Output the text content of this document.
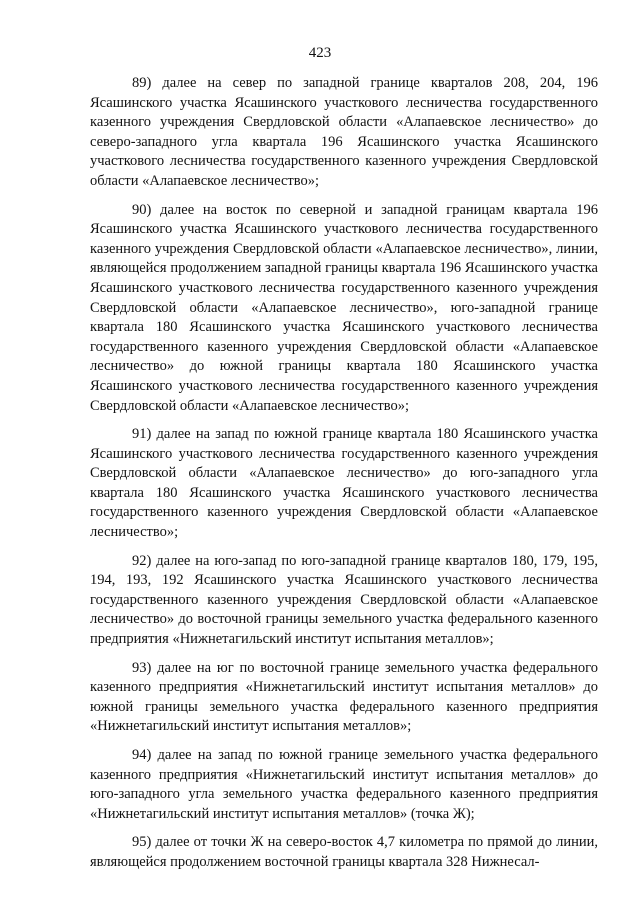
423

89) далее на север по западной границе кварталов 208, 204, 196 Ясашинского участка Ясашинского участкового лесничества государственного казенного учреждения Свердловской области «Алапаевское лесничество» до северо-западного угла квартала 196 Ясашинского участка Ясашинского участкового лесничества государственного казенного учреждения Свердловской области «Алапаевское лесничество»;

90) далее на восток по северной и западной границам квартала 196 Ясашинского участка Ясашинского участкового лесничества государственного казенного учреждения Свердловской области «Алапаевское лесничество», линии, являющейся продолжением западной границы квартала 196 Ясашинского участка Ясашинского участкового лесничества государственного казенного учреждения Свердловской области «Алапаевское лесничество», юго-западной границе квартала 180 Ясашинского участка Ясашинского участкового лесничества государственного казенного учреждения Свердловской области «Алапаевское лесничество» до южной границы квартала 180 Ясашинского участка Ясашинского участкового лесничества государственного казенного учреждения Свердловской области «Алапаевское лесничество»;

91) далее на запад по южной границе квартала 180 Ясашинского участка Ясашинского участкового лесничества государственного казенного учреждения Свердловской области «Алапаевское лесничество» до юго-западного угла квартала 180 Ясашинского участка Ясашинского участкового лесничества государственного казенного учреждения Свердловской области «Алапаевское лесничество»;

92) далее на юго-запад по юго-западной границе кварталов 180, 179, 195, 194, 193, 192 Ясашинского участка Ясашинского участкового лесничества государственного казенного учреждения Свердловской области «Алапаевское лесничество» до восточной границы земельного участка федерального казенного предприятия «Нижнетагильский институт испытания металлов»;

93) далее на юг по восточной границе земельного участка федерального казенного предприятия «Нижнетагильский институт испытания металлов» до южной границы земельного участка федерального казенного предприятия «Нижнетагильский институт испытания металлов»;

94) далее на запад по южной границе земельного участка федерального казенного предприятия «Нижнетагильский институт испытания металлов» до юго-западного угла земельного участка федерального казенного предприятия «Нижнетагильский институт испытания металлов» (точка Ж);

95) далее от точки Ж на северо-восток 4,7 километра по прямой до линии, являющейся продолжением восточной границы квартала 328 Нижнесал-
